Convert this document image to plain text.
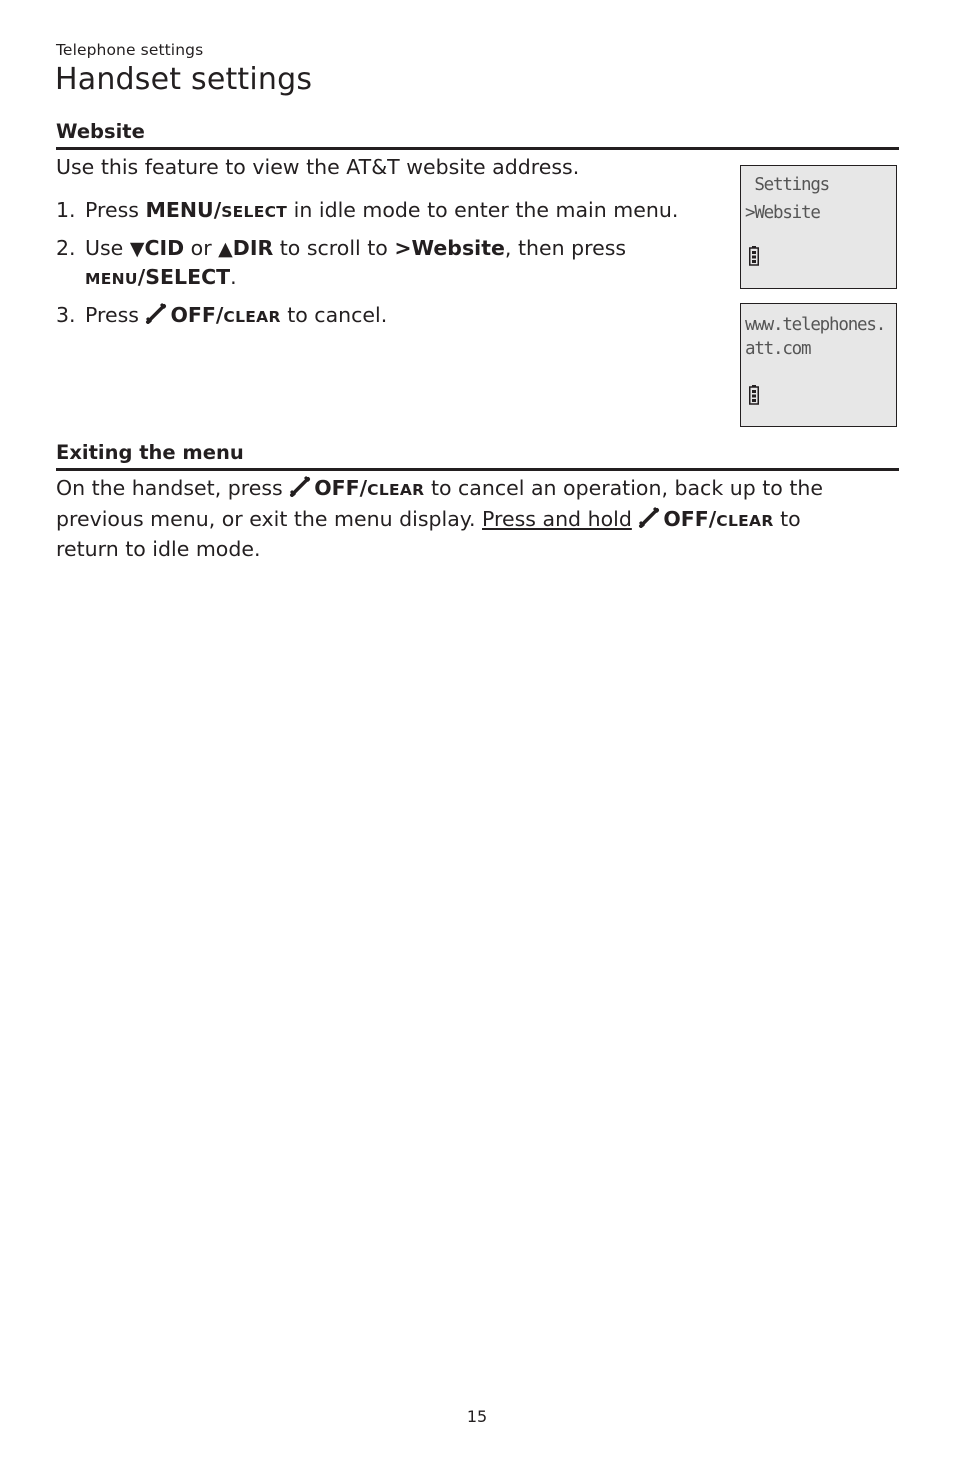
Telephone settings
Handset settings
Website
Use this feature to view the AT&T website address.
1. Press MENU/SELECT in idle mode to enter the main menu.
2. Use ▼CID or ▲DIR to scroll to >Website, then press
MENU/SELECT.
3. Press OFF/CLEAR to cancel.
Settings
>Website
www.telephones.
att.com
Exiting the menu
On the handset, press OFF/CLEAR to cancel an operation, back up to the
previous menu, or exit the menu display. Press and hold OFF/CLEAR to
return to idle mode.
15
